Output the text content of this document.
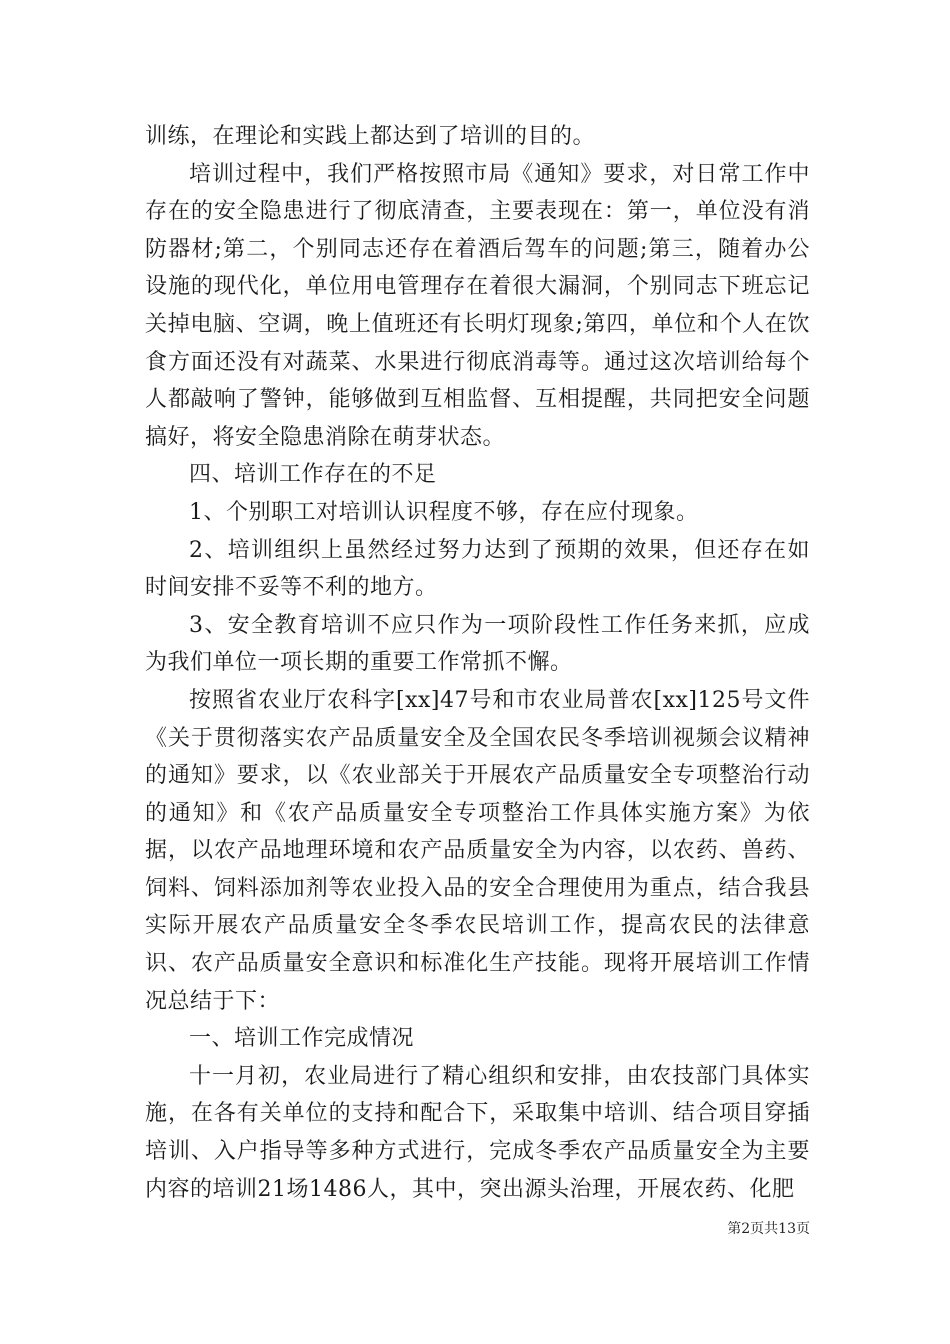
训练，在理论和实践上都达到了培训的目的。

培训过程中，我们严格按照市局《通知》要求，对日常工作中存在的安全隐患进行了彻底清查，主要表现在：第一，单位没有消防器材;第二，个别同志还存在着酒后驾车的问题;第三，随着办公设施的现代化，单位用电管理存在着很大漏洞，个别同志下班忘记关掉电脑、空调，晚上值班还有长明灯现象;第四，单位和个人在饮食方面还没有对蔬菜、水果进行彻底消毒等。通过这次培训给每个人都敲响了警钟，能够做到互相监督、互相提醒，共同把安全问题搞好，将安全隐患消除在萌芽状态。

四、培训工作存在的不足

1、个别职工对培训认识程度不够，存在应付现象。

2、培训组织上虽然经过努力达到了预期的效果，但还存在如时间安排不妥等不利的地方。

3、安全教育培训不应只作为一项阶段性工作任务来抓，应成为我们单位一项长期的重要工作常抓不懈。

按照省农业厅农科字[xx]47号和市农业局普农[xx]125号文件《关于贯彻落实农产品质量安全及全国农民冬季培训视频会议精神的通知》要求，以《农业部关于开展农产品质量安全专项整治行动的通知》和《农产品质量安全专项整治工作具体实施方案》为依据，以农产品地理环境和农产品质量安全为内容，以农药、兽药、饲料、饲料添加剂等农业投入品的安全合理使用为重点，结合我县实际开展农产品质量安全冬季农民培训工作，提高农民的法律意识、农产品质量安全意识和标准化生产技能。现将开展培训工作情况总结于下：

一、培训工作完成情况

十一月初，农业局进行了精心组织和安排，由农技部门具体实施，在各有关单位的支持和配合下，采取集中培训、结合项目穿插培训、入户指导等多种方式进行，完成冬季农产品质量安全为主要内容的培训21场1486人，其中，突出源头治理，开展农药、化肥

第2页共13页
